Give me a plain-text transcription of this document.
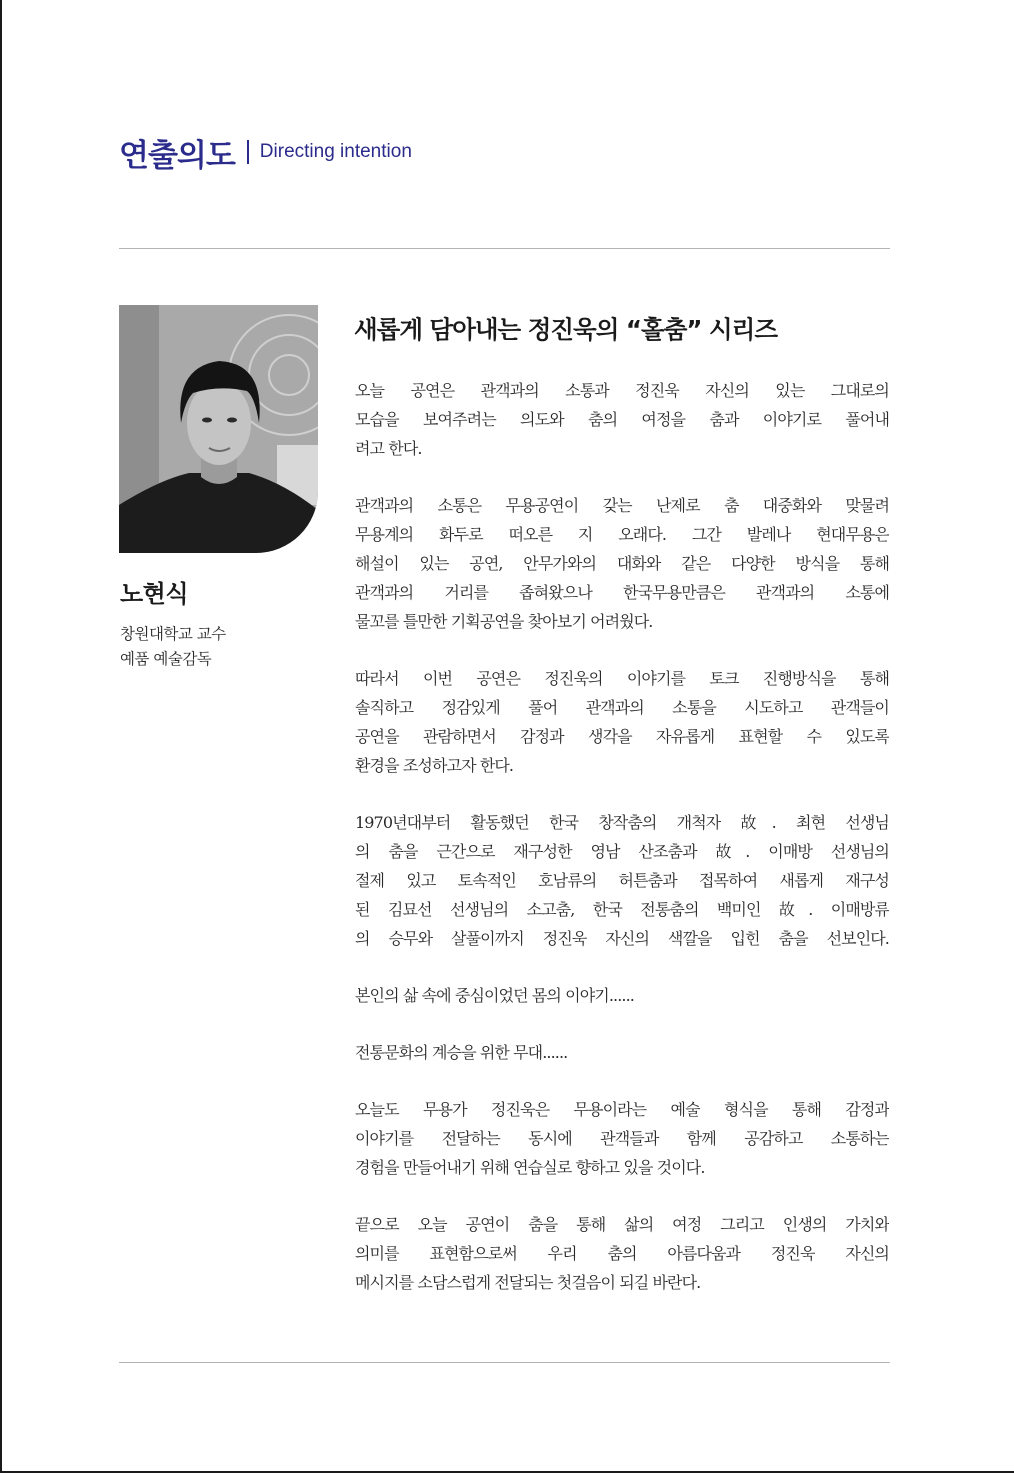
연출의도 Directing intention
노현식
창원대학교 교수
예품 예술감독
새롭게 담아내는 정진욱의 “홀춤” 시리즈

오늘 공연은 관객과의 소통과 정진욱 자신의 있는 그대로의
모습을 보여주려는 의도와 춤의 여정을 춤과 이야기로 풀어내
려고 한다.

관객과의 소통은 무용공연이 갖는 난제로 춤 대중화와 맞물려
무용계의 화두로 떠오른 지 오래다. 그간 발레나 현대무용은
해설이 있는 공연, 안무가와의 대화와 같은 다양한 방식을 통해
관객과의 거리를 좁혀왔으나 한국무용만큼은 관객과의 소통에
물꼬를 틀만한 기획공연을 찾아보기 어려웠다.

따라서 이번 공연은 정진욱의 이야기를 토크 진행방식을 통해
솔직하고 정감있게 풀어 관객과의 소통을 시도하고 관객들이
공연을 관람하면서 감정과 생각을 자유롭게 표현할 수 있도록
환경을 조성하고자 한다.

1970년대부터 활동했던 한국 창작춤의 개척자 故. 최현 선생님
의 춤을 근간으로 재구성한 영남 산조춤과 故. 이매방 선생님의
절제 있고 토속적인 호남류의 허튼춤과 접목하여 새롭게 재구성
된 김묘선 선생님의 소고춤, 한국 전통춤의 백미인 故. 이매방류
의 승무와 살풀이까지 정진욱 자신의 색깔을 입힌 춤을 선보인다.

본인의 삶 속에 중심이었던 몸의 이야기......

전통문화의 계승을 위한 무대......

오늘도 무용가 정진욱은 무용이라는 예술 형식을 통해 감정과
이야기를 전달하는 동시에 관객들과 함께 공감하고 소통하는
경험을 만들어내기 위해 연습실로 향하고 있을 것이다.

끝으로 오늘 공연이 춤을 통해 삶의 여정 그리고 인생의 가치와
의미를 표현함으로써 우리 춤의 아름다움과 정진욱 자신의
메시지를 소담스럽게 전달되는 첫걸음이 되길 바란다.
